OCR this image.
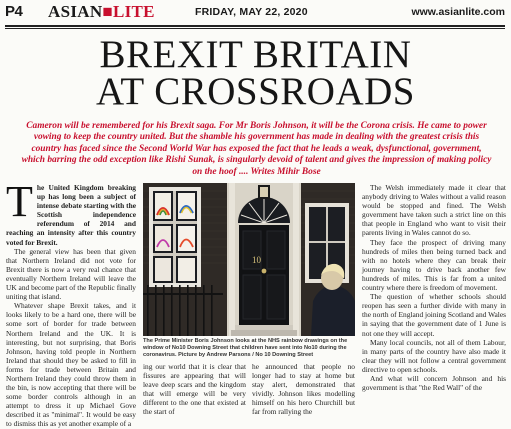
P4 ASIAN■LITE	FRIDAY, MAY 22, 2020	www.asianlite.com
BREXIT BRITAIN
AT CROSSROADS
Cameron will be remembered for his Brexit saga. For Mr Boris Johnson, it will be the Corona crisis. He came to power vowing to keep the country united. But the shamble his government has made in dealing with the greatest crisis this country has faced since the Second World War has exposed the fact that he leads a weak, dysfunctional, government, which barring the odd exception like Rishi Sunak, is singularly devoid of talent and gives the impression of making policy on the hoof .... Writes Mihir Bose

The United Kingdom breaking up has long been a subject of intense debate starting with the Scottish independence referendum of 2014 and reaching an intensity after this country voted for Brexit.

The general view has been that given that Northern Ireland did not vote for Brexit there is now a very real chance that eventually Northern Ireland will leave the UK and become part of the Republic finally uniting that island.

Whatever shape Brexit takes, and it looks likely to be a hard one, there will be some sort of border for trade between Northern Ireland and the UK. It is interesting, but not surprising, that Boris Johnson, having told people in Northern Ireland that should they be asked to fill in forms for trade between Britain and Northern Ireland they could throw them in the bin, is now accepting that there will be some border controls although in an attempt to dress it up Michael Gove described it as "minimal". It would be easy to dismiss this as yet another example of a

10
The Prime Minister Boris Johnson looks at the NHS rainbow drawings on the window of No10 Downing Street that children have sent into No10 during the coronavirus. Picture by Andrew Parsons / No 10 Downing Street

ing our world that it is clear that fissures are appearing that will leave deep scars and the kingdom that will emerge will be very different to the one that existed at the start of

he announced that people no longer had to stay at home but stay alert, demonstrated that vividly. Johnson likes modelling himself on his hero Churchill but far from rallying the

The Welsh immediately made it clear that anybody driving to Wales without a valid reason would be stopped and fined. The Welsh government have taken such a strict line on this that people in England who want to visit their parents living in Wales cannot do so.

They face the prospect of driving many hundreds of miles then being turned back and with no hotels where they can break their journey having to drive back another few hundreds of miles. This is far from a united country where there is freedom of movement.

The question of whether schools should reopen has seen a further divide with many in the north of England joining Scotland and Wales in saying that the government date of 1 June is not one they will accept.

Many local councils, not all of them Labour, in many parts of the country have also made it clear they will not follow a central government directive to open schools.

And what will concern Johnson and his government is that "the Red Wall" of the
